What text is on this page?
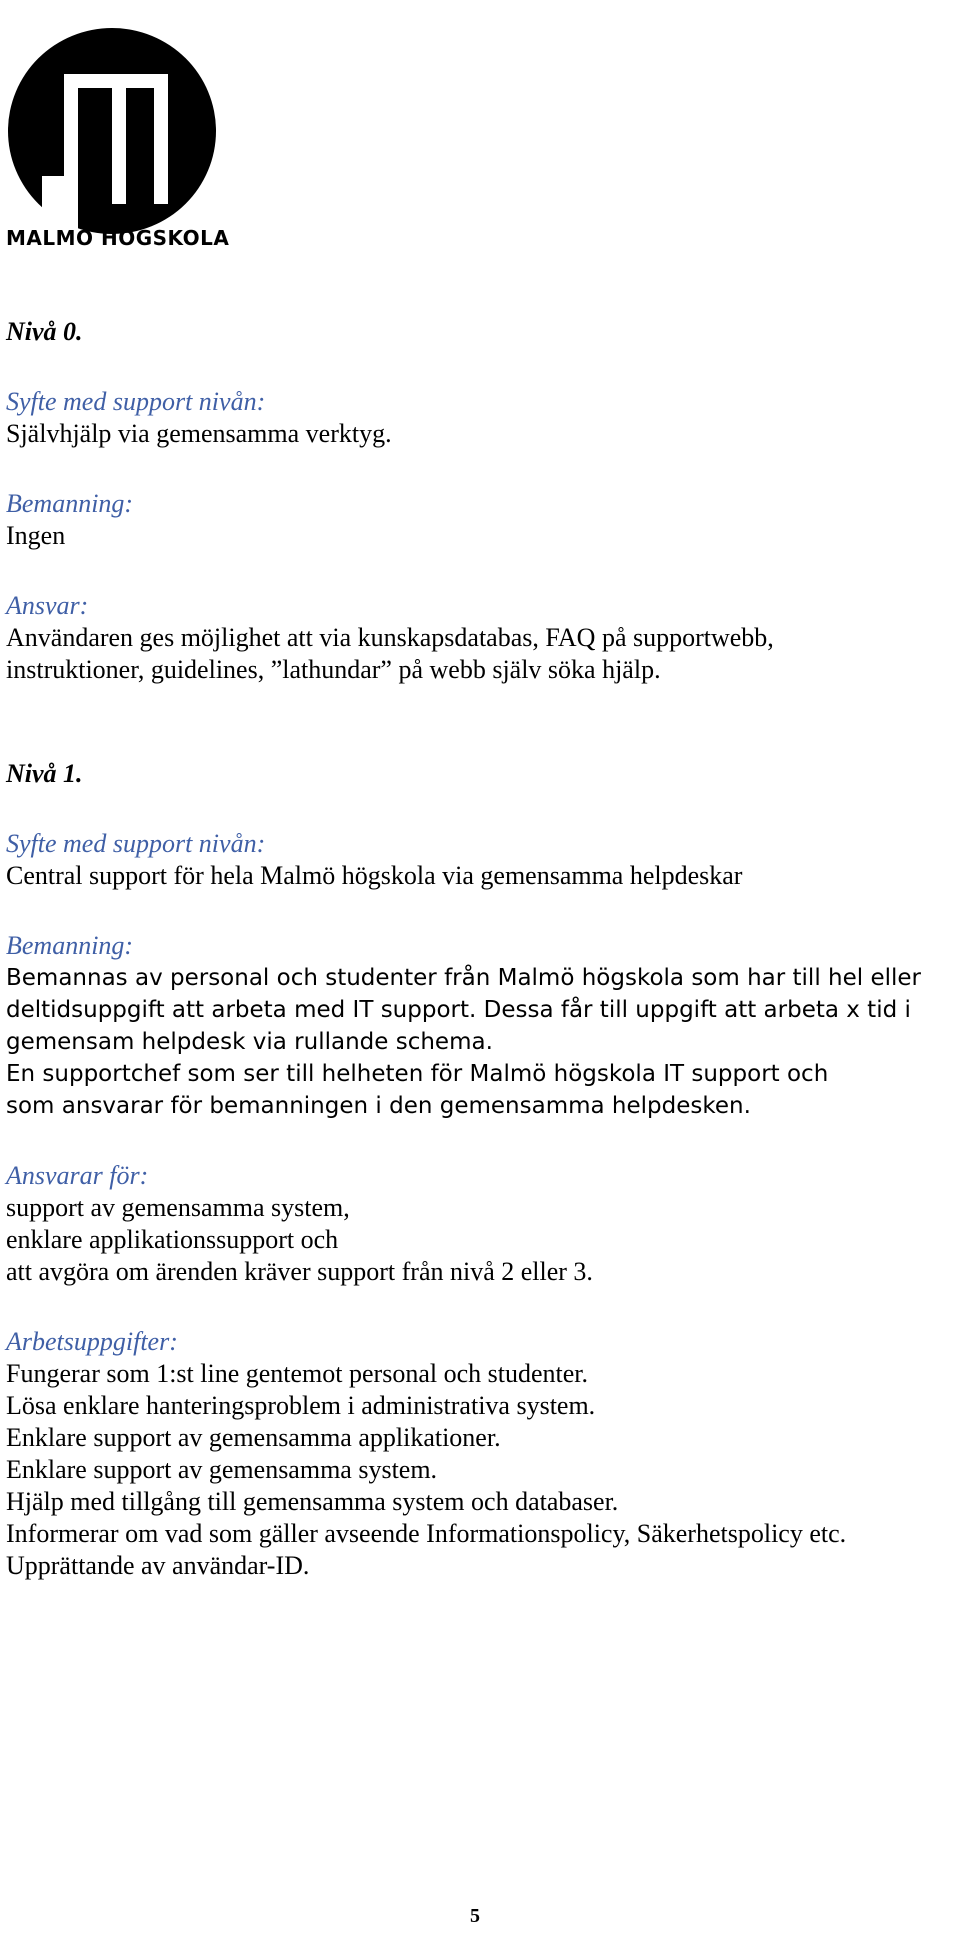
MALMÖ HÖGSKOLA
Nivå 0.
Syfte med support nivån:
Självhjälp via gemensamma verktyg.
Bemanning:
Ingen
Ansvar:
Användaren ges möjlighet att via kunskapsdatabas, FAQ på supportwebb,
instruktioner, guidelines, ”lathundar” på webb själv söka hjälp.
Nivå 1.
Syfte med support nivån:
Central support för hela Malmö högskola via gemensamma helpdeskar
Bemanning:
Bemannas av personal och studenter från Malmö högskola som har till hel eller
deltidsuppgift att arbeta med IT support. Dessa får till uppgift att arbeta x tid i
gemensam helpdesk via rullande schema.
En supportchef som ser till helheten för Malmö högskola IT support och
som ansvarar för bemanningen i den gemensamma helpdesken.
Ansvarar för:
support av gemensamma system,
enklare applikationssupport och
att avgöra om ärenden kräver support från nivå 2 eller 3.
Arbetsuppgifter:
Fungerar som 1:st line gentemot personal och studenter.
Lösa enklare hanteringsproblem i administrativa system.
Enklare support av gemensamma applikationer.
Enklare support av gemensamma system.
Hjälp med tillgång till gemensamma system och databaser.
Informerar om vad som gäller avseende Informationspolicy, Säkerhetspolicy etc.
Upprättande av användar-ID.
5
